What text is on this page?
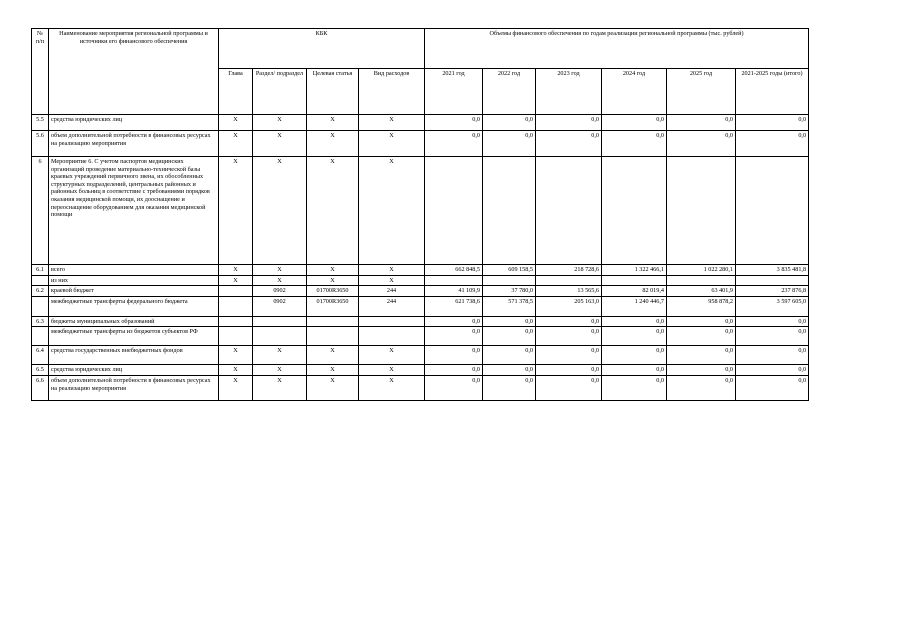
№ п/п	Наименование мероприятия региональной программы и источники его финансового обеспечения	КБК				Объемы финансового обеспечения по годам реализации региональной программы (тыс. рублей)					
		Глава	Раздел/ подраздел	Целевая статья	Вид расходов	2021 год	2022 год	2023 год	2024 год	2025 год	2021-2025 годы (итого)
5.5	средства юридических лиц	X	X	X	X	0,0	0,0	0,0	0,0	0,0	0,0
5.6	объем дополнительной потребности в финансовых ресурсах на реализацию мероприятия	X	X	X	X	0,0	0,0	0,0	0,0	0,0	0,0
6	Мероприятие 6. С учетом паспортов медицинских организаций проведение материально-технической базы краевых учреждений первичного звена, их обособленных структурных подразделений, центральных районных и районных больниц в соответствие с требованиями порядков оказания медицинской помощи, их дооснащение и переоснащение оборудованием для оказания медицинской помощи	X	X	X	X						
6.1	всего	X	X	X	X	662 848,5	609 158,5	218 728,6	1 322 466,1	1 022 280,1	3 835 481,8
	из них	X	X	X	X						
6.2	краевой бюджет		0902	01700R3650	244	41 109,9	37 780,0	13 565,6	82 019,4	63 401,9	237 876,8
	межбюджетные трансферты федерального бюджета		0902	01700R3650	244	621 738,6	571 378,5	205 163,0	1 240 446,7	958 878,2	3 597 605,0
6.3	бюджеты муниципальных образований					0,0	0,0	0,0	0,0	0,0	0,0
	межбюджетные трансферты из бюджетов субъектов РФ					0,0	0,0	0,0	0,0	0,0	0,0
6.4	средства государственных внебюджетных фондов	X	X	X	X	0,0	0,0	0,0	0,0	0,0	0,0
6.5	средства юридических лиц	X	X	X	X	0,0	0,0	0,0	0,0	0,0	0,0
6.6	объем дополнительной потребности в финансовых ресурсах на реализацию мероприятия	X	X	X	X	0,0	0,0	0,0	0,0	0,0	0,0
